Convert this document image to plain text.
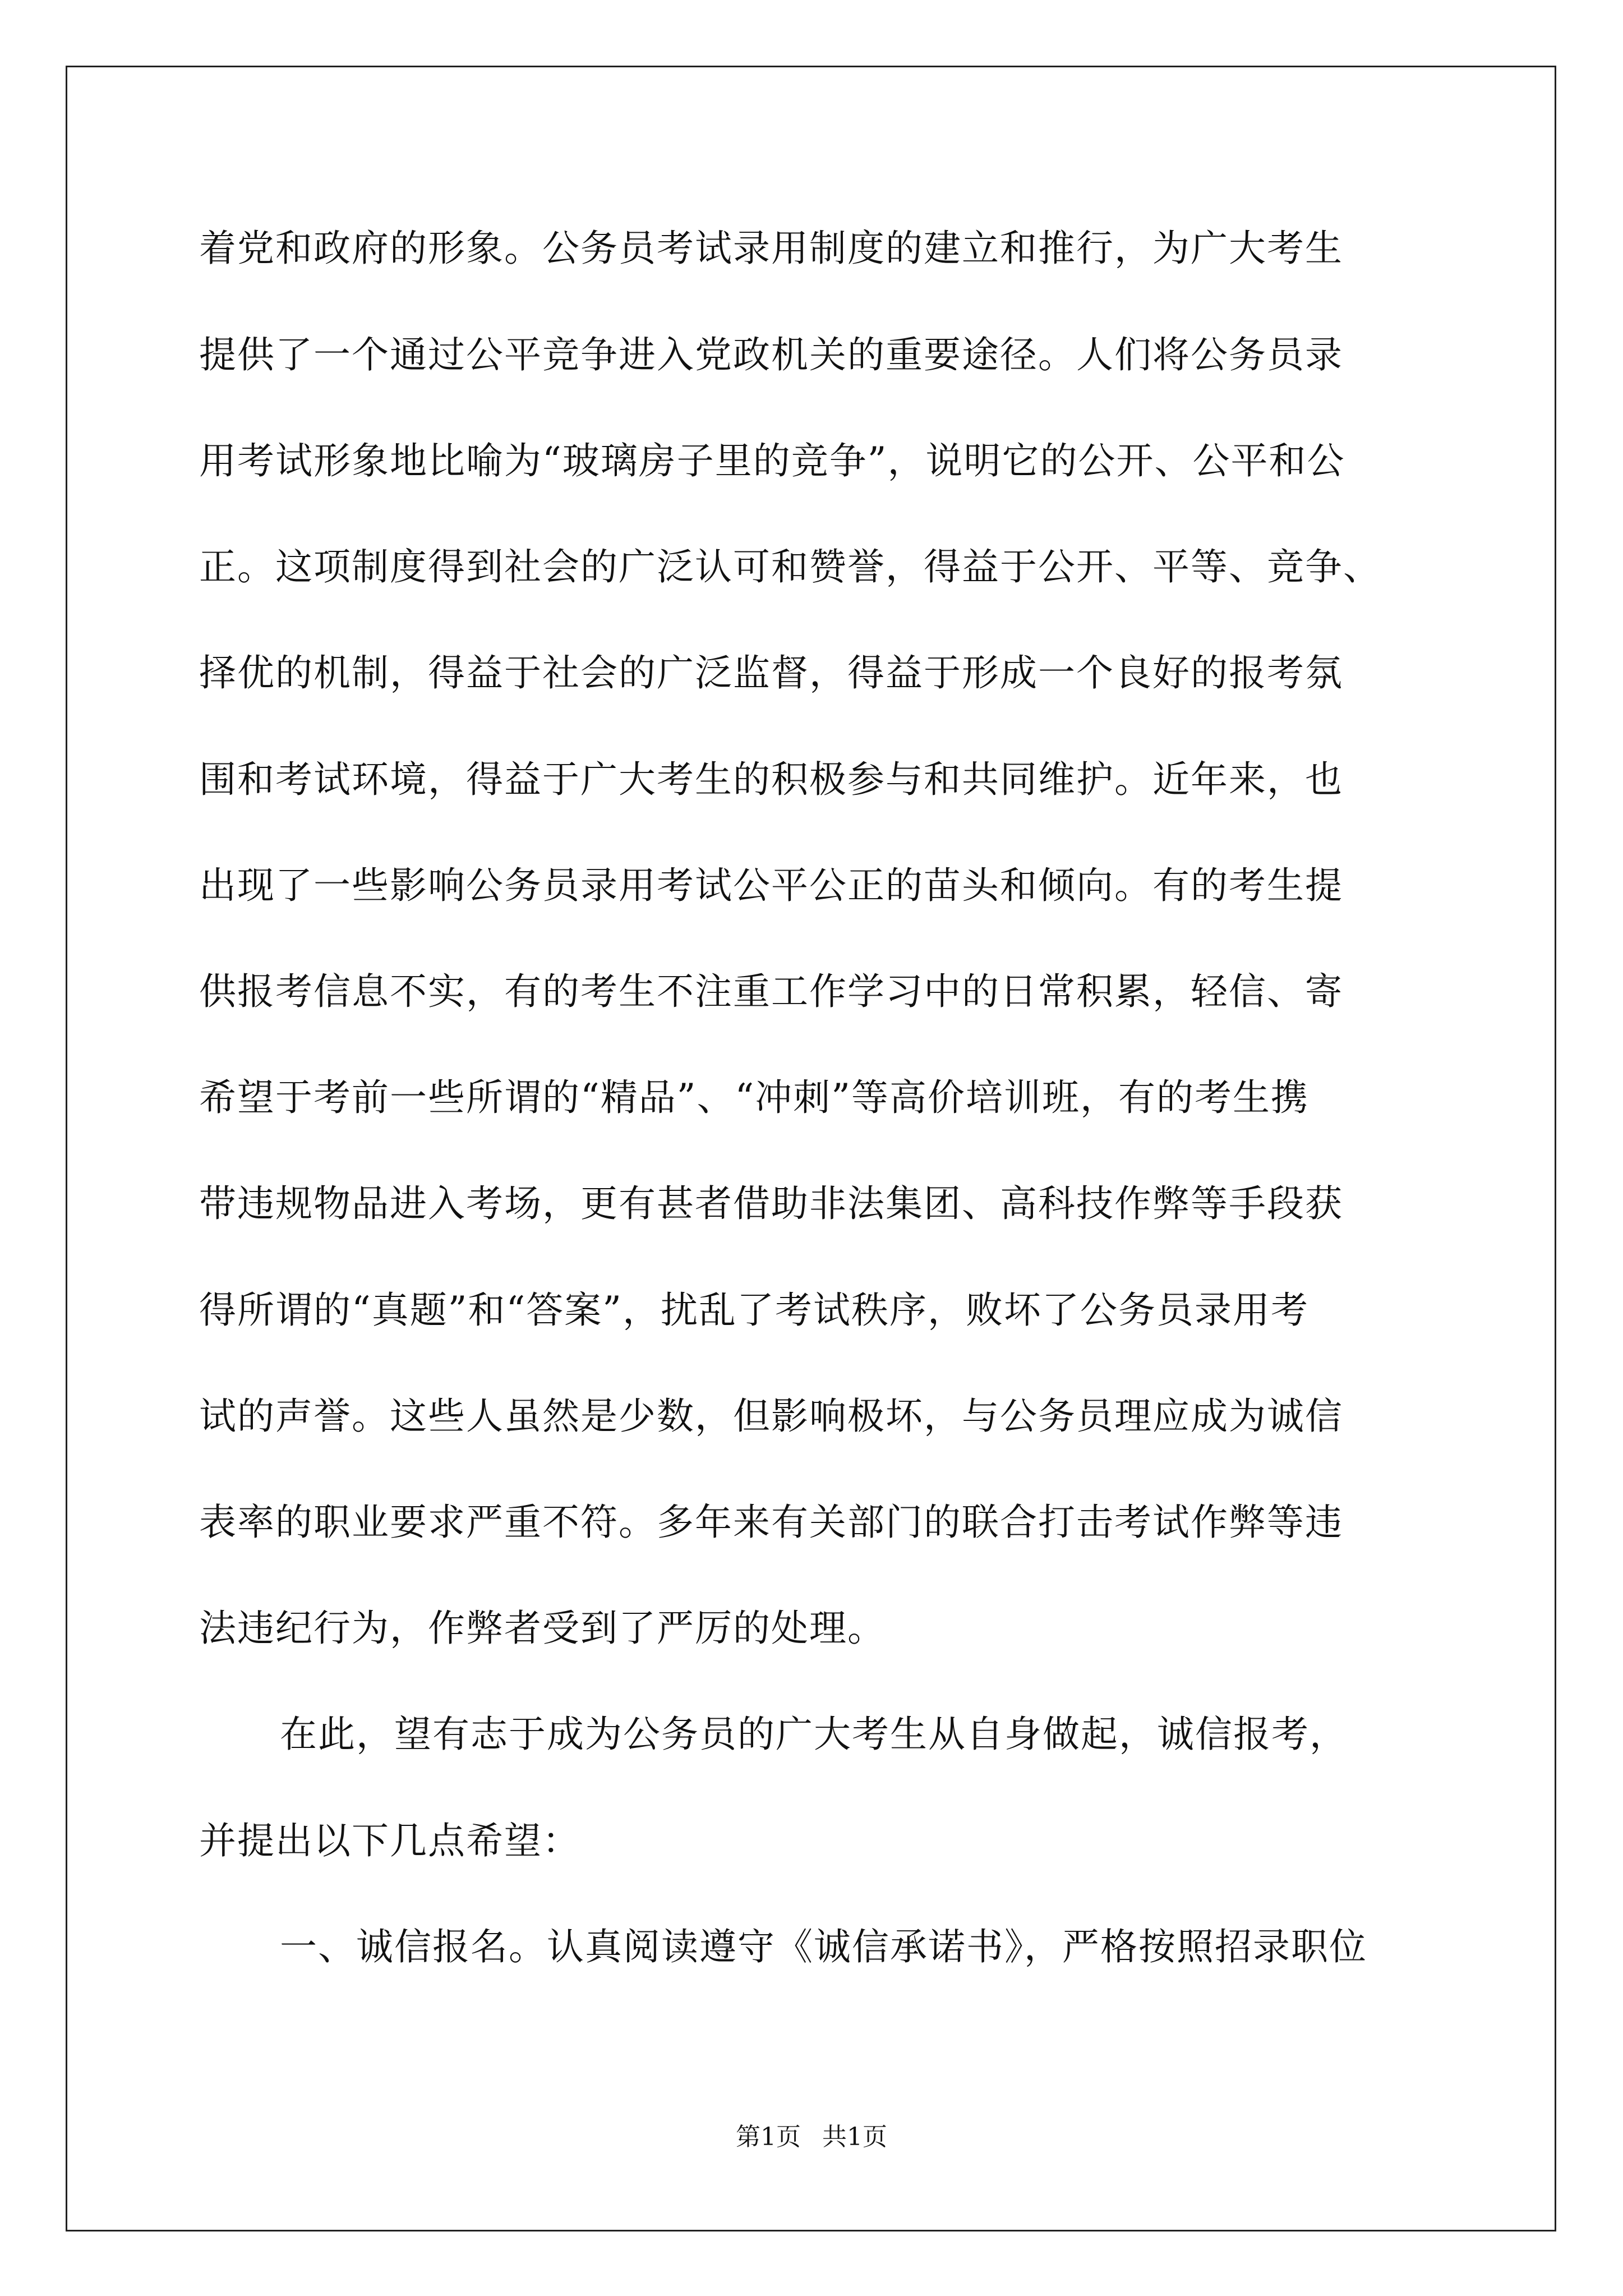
着党和政府的形象。公务员考试录用制度的建立和推行，为广大考生

提供了一个通过公平竞争进入党政机关的重要途径。人们将公务员录

用考试形象地比喻为“玻璃房子里的竞争”，说明它的公开、公平和公

正。这项制度得到社会的广泛认可和赞誉，得益于公开、平等、竞争、

择优的机制，得益于社会的广泛监督，得益于形成一个良好的报考氛

围和考试环境，得益于广大考生的积极参与和共同维护。近年来，也

出现了一些影响公务员录用考试公平公正的苗头和倾向。有的考生提

供报考信息不实，有的考生不注重工作学习中的日常积累，轻信、寄

希望于考前一些所谓的“精品”、“冲刺”等高价培训班，有的考生携

带违规物品进入考场，更有甚者借助非法集团、高科技作弊等手段获

得所谓的“真题”和“答案”，扰乱了考试秩序，败坏了公务员录用考

试的声誉。这些人虽然是少数，但影响极坏，与公务员理应成为诚信

表率的职业要求严重不符。多年来有关部门的联合打击考试作弊等违

法违纪行为，作弊者受到了严厉的处理。

在此，望有志于成为公务员的广大考生从自身做起，诚信报考，

并提出以下几点希望：

一、诚信报名。认真阅读遵守《诚信承诺书》，严格按照招录职位

第1页 共1页
